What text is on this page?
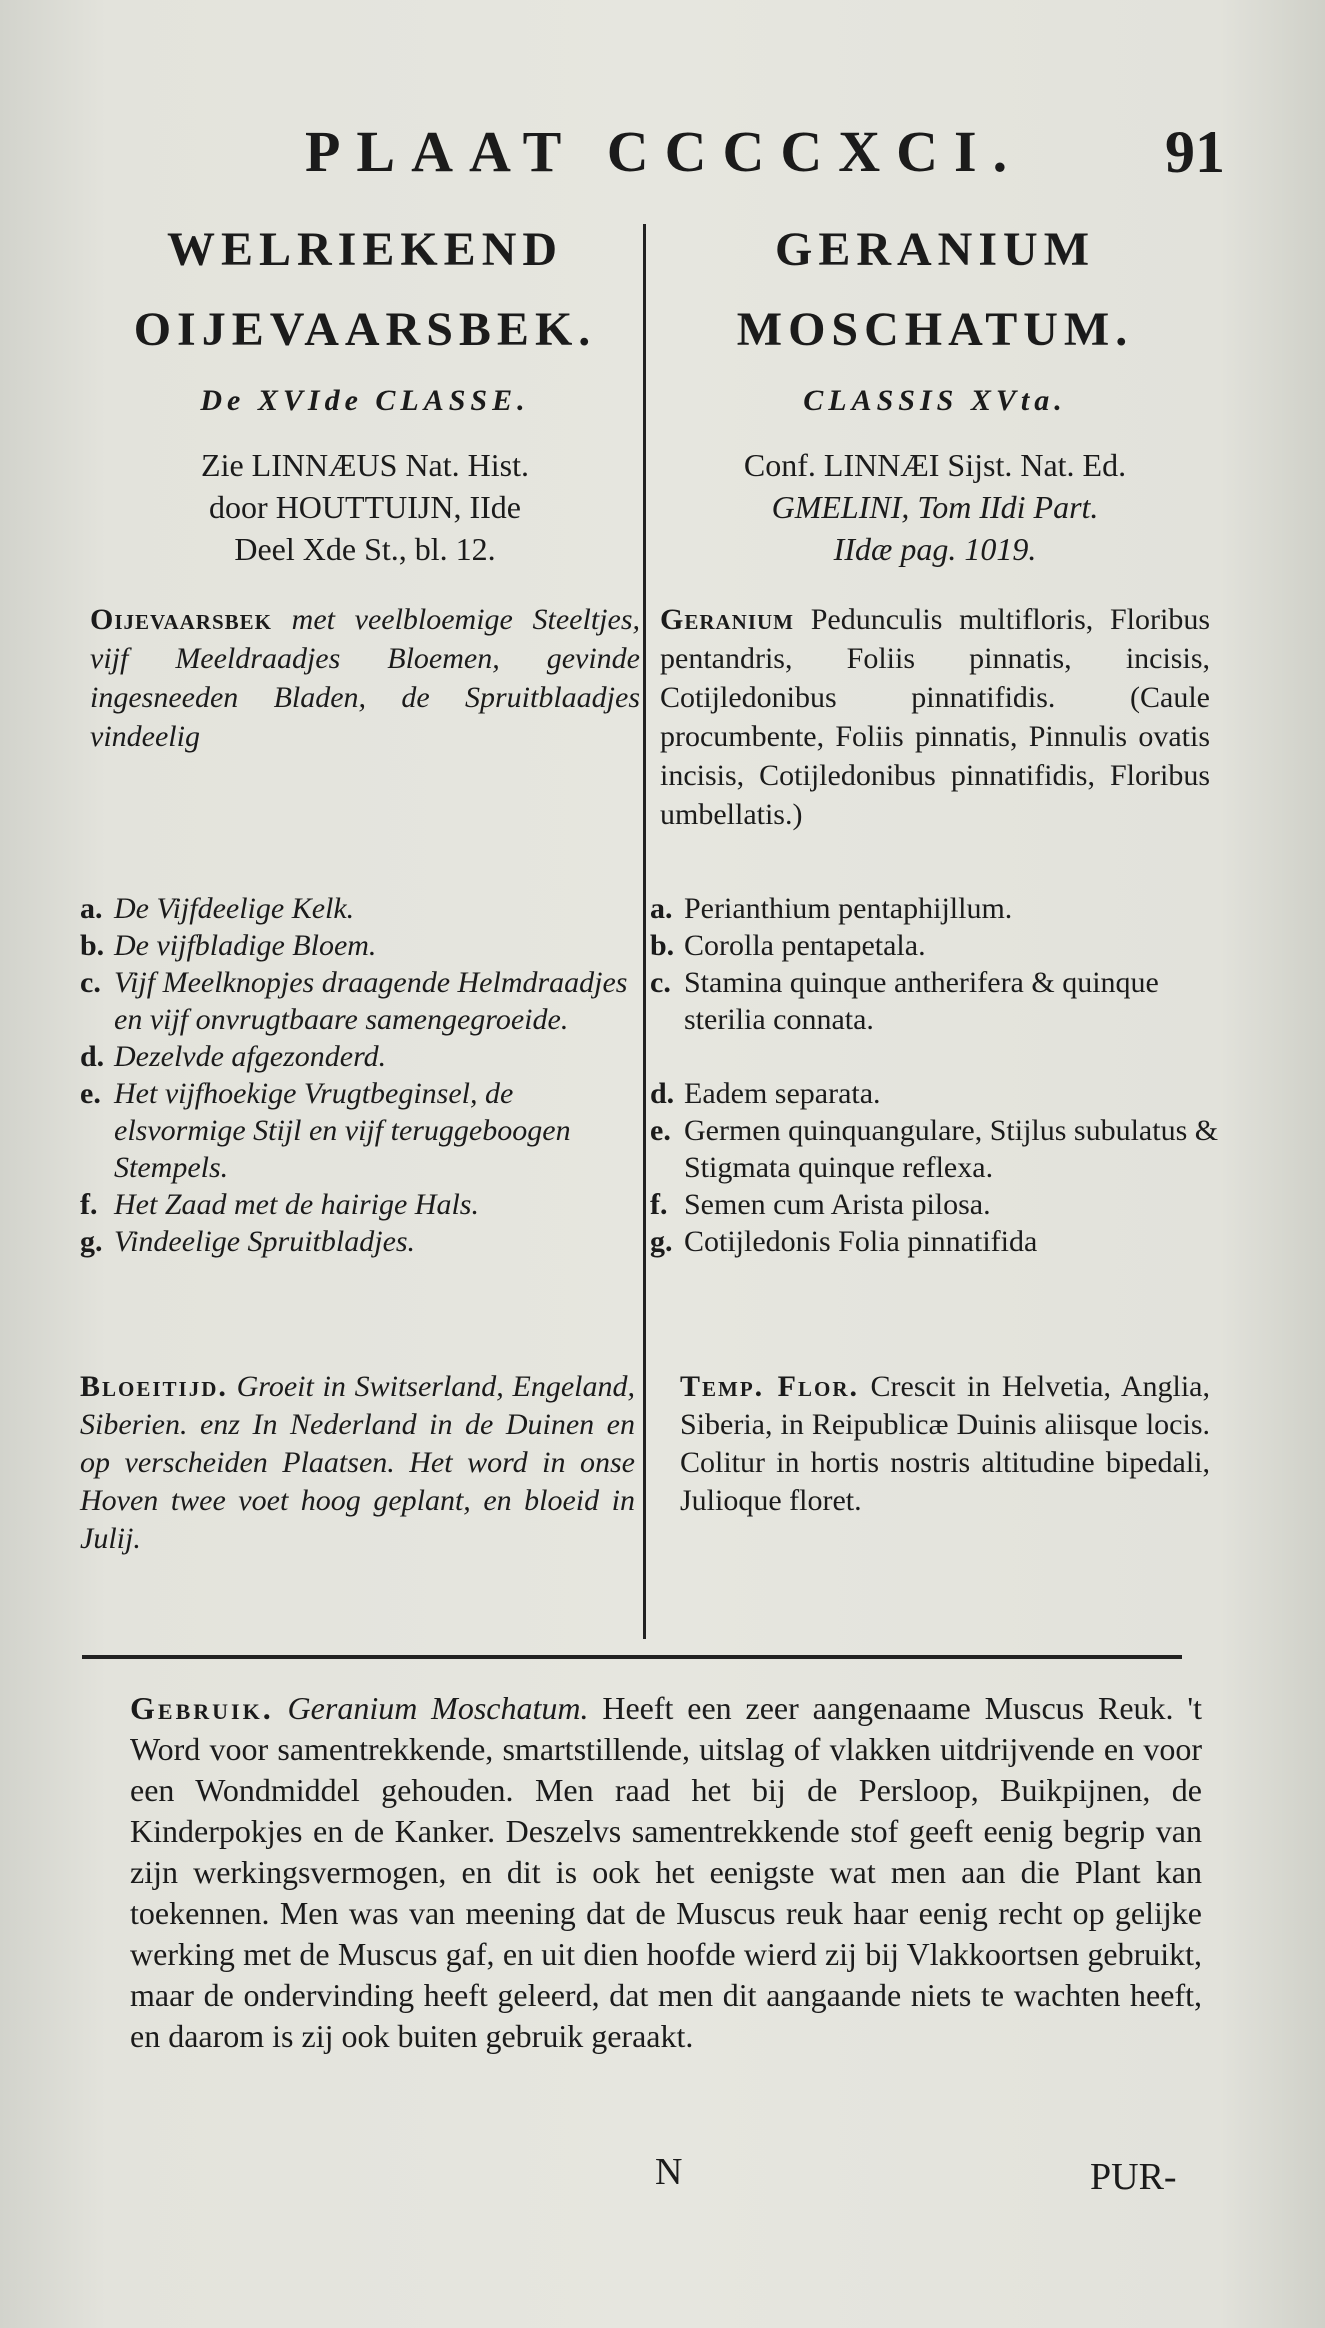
PLAAT CCCCXCI. 91
WELRIEKEND
OIJEVAARSBEK.
De XVIde CLASSE.
Zie LINNÆUS Nat. Hist.
door HOUTTUIJN, IIde
Deel Xde St., bl. 12.
Oijevaarsbek met veelbloemige Steeltjes, vijf Meeldraadjes Bloemen, gevinde ingesneeden Bladen, de Spruitblaadjes vindeelig
a. De Vijfdeelige Kelk.
b. De vijfbladige Bloem.
c. Vijf Meelknopjes draagende Helmdraadjes en vijf onvrugtbaare samengegroeide.
d. Dezelvde afgezonderd.
e. Het vijfhoekige Vrugtbeginsel, de elsvormige Stijl en vijf teruggeboogen Stempels.
f. Het Zaad met de hairige Hals.
g. Vindeelige Spruitbladjes.
Bloeitijd. Groeit in Switserland, Engeland, Siberien. enz In Nederland in de Duinen en op verscheiden Plaatsen. Het word in onse Hoven twee voet hoog geplant, en bloeid in Julij.
GERANIUM
MOSCHATUM.
CLASSIS XVta.
Conf. LINNÆI Sijst. Nat. Ed.
GMELINI, Tom IIdi Part.
IIdæ pag. 1019.
Geranium Pedunculis multifloris, Floribus pentandris, Foliis pinnatis, incisis, Cotijledonibus pinnatifidis. (Caule procumbente, Foliis pinnatis, Pinnulis ovatis incisis, Cotijledonibus pinnatifidis, Floribus umbellatis.)
a. Perianthium pentaphijllum.
b. Corolla pentapetala.
c. Stamina quinque antherifera & quinque sterilia connata.
d. Eadem separata.
e. Germen quinquangulare, Stijlus subulatus & Stigmata quinque reflexa.
f. Semen cum Arista pilosa.
g. Cotijledonis Folia pinnatifida
Temp. Flor. Crescit in Helvetia, Anglia, Siberia, in Reipublicæ Duinis aliisque locis. Colitur in hortis nostris altitudine bipedali, Julioque floret.
Gebruik. Geranium Moschatum. Heeft een zeer aangenaame Muscus Reuk. 't Word voor samentrekkende, smartstillende, uitslag of vlakken uitdrijvende en voor een Wondmiddel gehouden. Men raad het bij de Persloop, Buikpijnen, de Kinderpokjes en de Kanker. Deszelvs samentrekkende stof geeft eenig begrip van zijn werkingsvermogen, en dit is ook het eenigste wat men aan die Plant kan toekennen. Men was van meening dat de Muscus reuk haar eenig recht op gelijke werking met de Muscus gaf, en uit dien hoofde wierd zij bij Vlakkoortsen gebruikt, maar de ondervinding heeft geleerd, dat men dit aangaande niets te wachten heeft, en daarom is zij ook buiten gebruik geraakt.
N	PUR-
